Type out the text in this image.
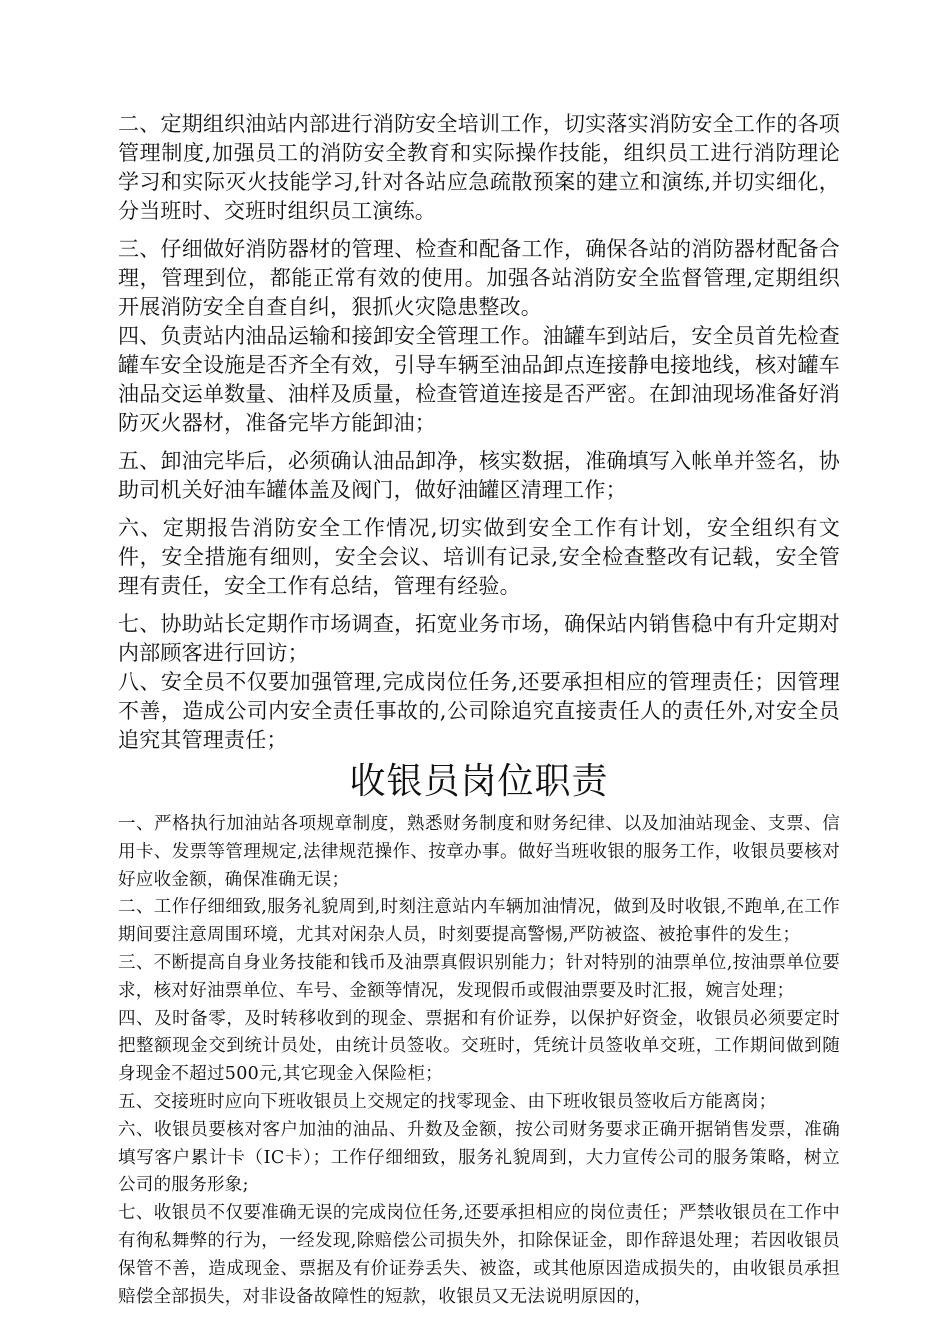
二、定期组织油站内部进行消防安全培训工作，切实落实消防安全工作的各项管理制度,加强员工的消防安全教育和实际操作技能，组织员工进行消防理论学习和实际灭火技能学习,针对各站应急疏散预案的建立和演练,并切实细化，分当班时、交班时组织员工演练。

三、仔细做好消防器材的管理、检查和配备工作，确保各站的消防器材配备合理，管理到位，都能正常有效的使用。加强各站消防安全监督管理,定期组织开展消防安全自查自纠，狠抓火灾隐患整改。

四、负责站内油品运输和接卸安全管理工作。油罐车到站后，安全员首先检查罐车安全设施是否齐全有效，引导车辆至油品卸点连接静电接地线，核对罐车油品交运单数量、油样及质量，检查管道连接是否严密。在卸油现场准备好消防灭火器材，准备完毕方能卸油；

五、卸油完毕后，必须确认油品卸净，核实数据，准确填写入帐单并签名，协助司机关好油车罐体盖及阀门，做好油罐区清理工作；

六、定期报告消防安全工作情况,切实做到安全工作有计划，安全组织有文件，安全措施有细则，安全会议、培训有记录,安全检查整改有记载，安全管理有责任，安全工作有总结，管理有经验。

七、协助站长定期作市场调查，拓宽业务市场，确保站内销售稳中有升定期对内部顾客进行回访；

八、安全员不仅要加强管理,完成岗位任务,还要承担相应的管理责任；因管理不善，造成公司内安全责任事故的,公司除追究直接责任人的责任外,对安全员追究其管理责任；

收银员岗位职责

一、严格执行加油站各项规章制度，熟悉财务制度和财务纪律、以及加油站现金、支票、信用卡、发票等管理规定,法律规范操作、按章办事。做好当班收银的服务工作，收银员要核对好应收金额，确保准确无误；

二、工作仔细细致,服务礼貌周到,时刻注意站内车辆加油情况，做到及时收银,不跑单,在工作期间要注意周围环境，尤其对闲杂人员，时刻要提高警惕,严防被盗、被抢事件的发生；

三、不断提高自身业务技能和钱币及油票真假识别能力；针对特别的油票单位,按油票单位要求，核对好油票单位、车号、金额等情况，发现假币或假油票要及时汇报，婉言处理；

四、及时备零，及时转移收到的现金、票据和有价证券，以保护好资金，收银员必须要定时把整额现金交到统计员处，由统计员签收。交班时，凭统计员签收单交班，工作期间做到随身现金不超过500元,其它现金入保险柜；

五、交接班时应向下班收银员上交规定的找零现金、由下班收银员签收后方能离岗；

六、收银员要核对客户加油的油品、升数及金额，按公司财务要求正确开据销售发票，准确填写客户累计卡（IC卡）；工作仔细细致，服务礼貌周到，大力宣传公司的服务策略，树立公司的服务形象;

七、收银员不仅要准确无误的完成岗位任务,还要承担相应的岗位责任；严禁收银员在工作中有徇私舞弊的行为，一经发现,除赔偿公司损失外，扣除保证金，即作辞退处理；若因收银员保管不善，造成现金、票据及有价证券丢失、被盗，或其他原因造成损失的，由收银员承担赔偿全部损失，对非设备故障性的短款，收银员又无法说明原因的，
